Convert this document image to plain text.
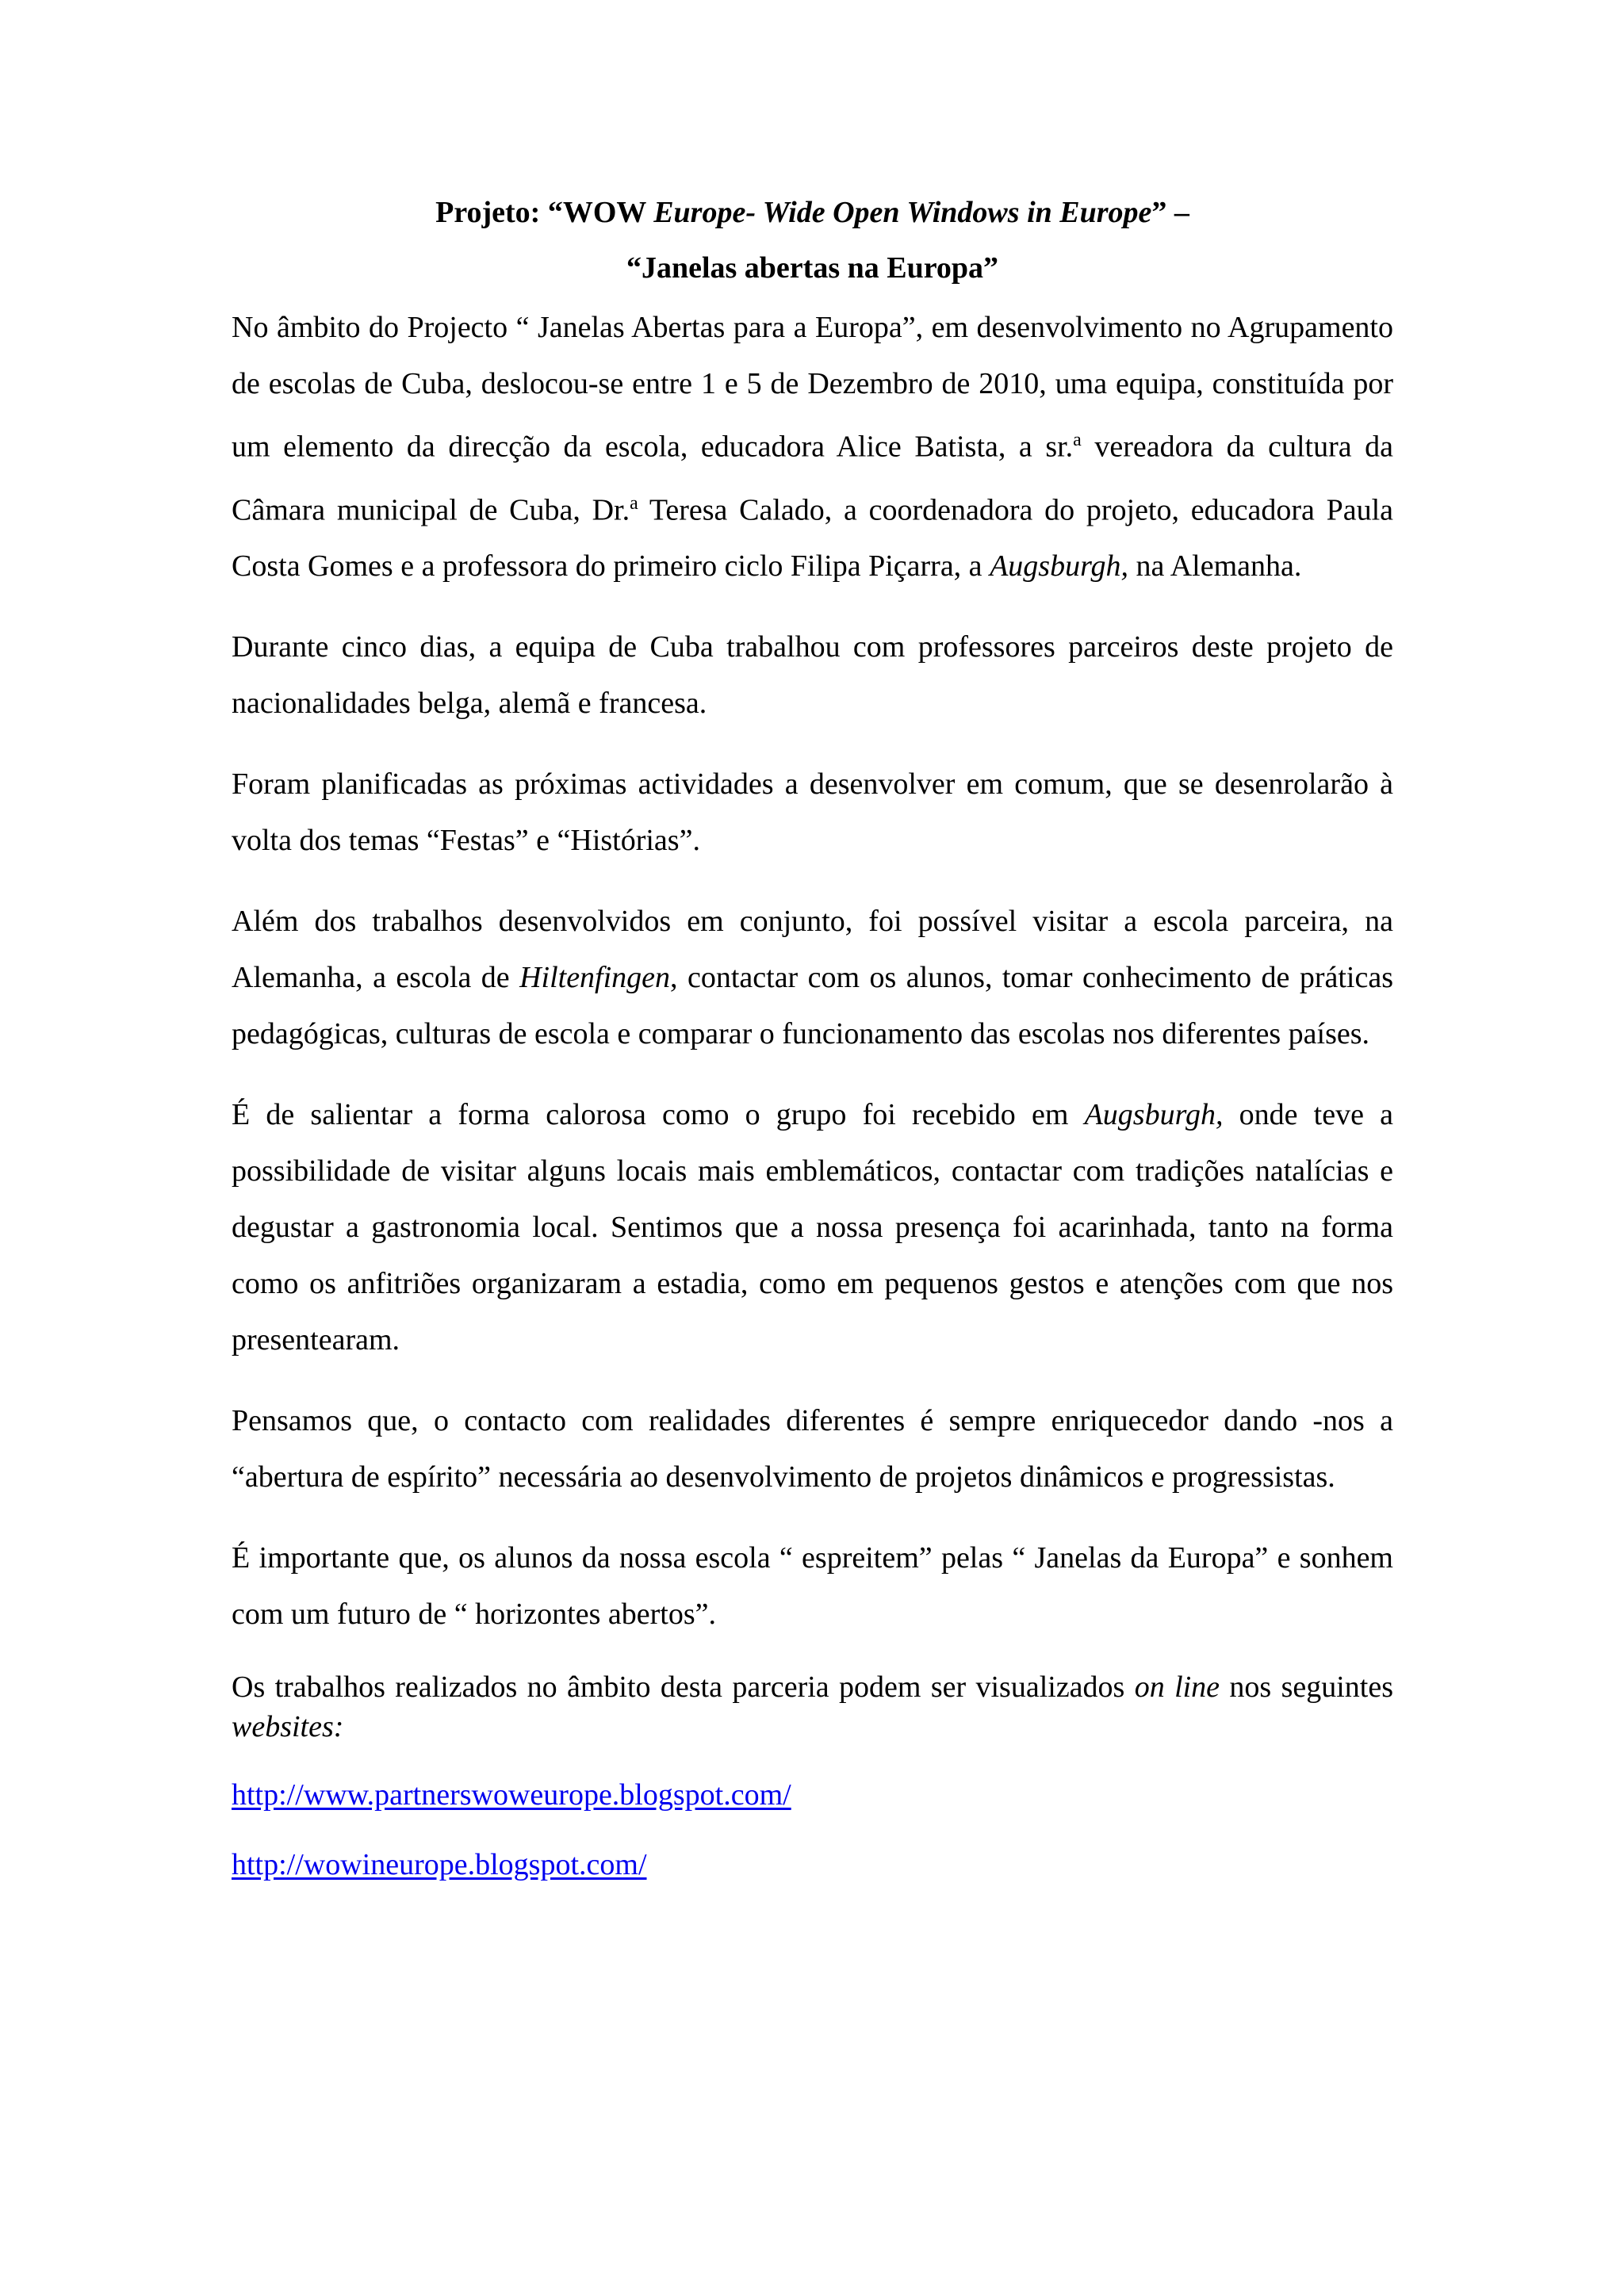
Projeto: “WOW Europe- Wide Open Windows in Europe” –
“Janelas abertas na Europa”

No âmbito do Projecto “ Janelas Abertas para a Europa”, em desenvolvimento no Agrupamento de escolas de Cuba, deslocou-se entre 1 e 5 de Dezembro de 2010, uma equipa, constituída por um elemento da direcção da escola, educadora Alice Batista, a sr.$^a$ vereadora da cultura da Câmara municipal de Cuba, Dr.$^a$ Teresa Calado, a coordenadora do projeto, educadora Paula Costa Gomes e a professora do primeiro ciclo Filipa Piçarra, a Augsburgh, na Alemanha.

Durante cinco dias, a equipa de Cuba trabalhou com professores parceiros deste projeto de nacionalidades belga, alemã e francesa.

Foram planificadas as próximas actividades a desenvolver em comum, que se desenrolarão à volta dos temas “Festas” e “Histórias”.

Além dos trabalhos desenvolvidos em conjunto, foi possível visitar a escola parceira, na Alemanha, a escola de Hiltenfingen, contactar com os alunos, tomar conhecimento de práticas pedagógicas, culturas de escola e comparar o funcionamento das escolas nos diferentes países.

É de salientar a forma calorosa como o grupo foi recebido em Augsburgh, onde teve a possibilidade de visitar alguns locais mais emblemáticos, contactar com tradições natalícias e degustar a gastronomia local. Sentimos que a nossa presença foi acarinhada, tanto na forma como os anfitriões organizaram a estadia, como em pequenos gestos e atenções com que nos presentearam.

Pensamos que, o contacto com realidades diferentes é sempre enriquecedor dando -nos a “abertura de espírito” necessária ao desenvolvimento de projetos dinâmicos e progressistas.

É importante que, os alunos da nossa escola “ espreitem” pelas “ Janelas da Europa” e sonhem com um futuro de “ horizontes abertos”.

Os trabalhos realizados no âmbito desta parceria podem ser visualizados on line nos seguintes websites:

http://www.partnerswoweurope.blogspot.com/
http://wowineurope.blogspot.com/
